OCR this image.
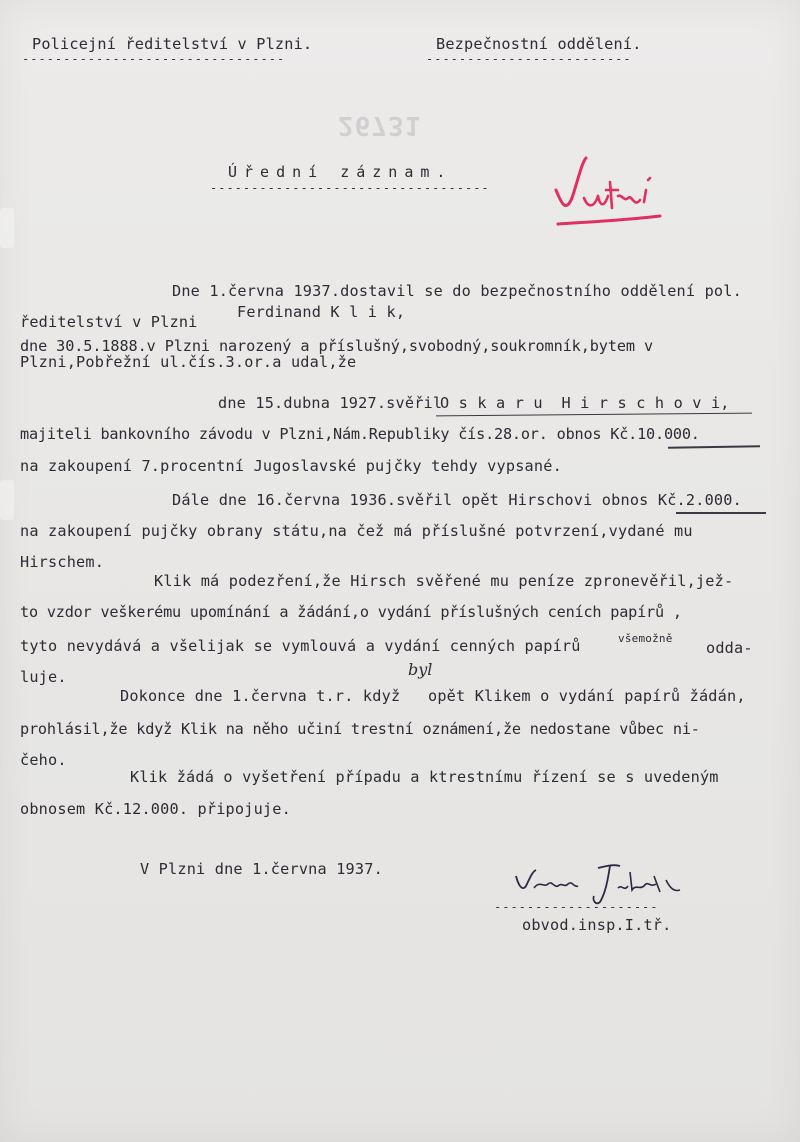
Policejní ředitelství v Plzni.
--------------------------------
Bezpečnostní oddělení.
-------------------------
26731
Úřední záznam.
----------------------------------
Dne 1.června 1937.dostavil se do bezpečnostního oddělení pol.
ředitelství v Plzni
Ferdinand K l i k,
dne 30.5.1888.v Plzni narozený a příslušný,svobodný,soukromník,bytem v
Plzni,Pobřežní ul.čís.3.or.a udal,že
dne 15.dubna 1927.svěřil
O s k a r u  H i r s c h o v i,
majiteli bankovního závodu v Plzni,Nám.Republiky čís.28.or. obnos Kč.10.000.
na zakoupení 7.procentní Jugoslavské pujčky tehdy vypsané.
Dále dne 16.června 1936.svěřil opět Hirschovi obnos Kč.2.000.
na zakoupení pujčky obrany státu,na čež má příslušné potvrzení,vydané mu
Hirschem.
Klik má podezření,že Hirsch svěřené mu peníze zpronevěřil,jež-
to vzdor veškerému upomínání a žádání,o vydání příslušných ceních papírů ,
tyto nevydává a všelijak se vymlouvá a vydání cenných papírů	všemožně
odda-
luje.
Dokonce dne 1.června t.r. když
byl
opět Klikem o vydání papírů žádán,
prohlásil,že když Klik na něho učiní trestní oznámení,že nedostane vůbec ni-
čeho.
Klik žádá o vyšetření případu a ktrestnímu řízení se s uvedeným
obnosem Kč.12.000. připojuje.
V Plzni dne 1.června 1937.
--------------------
obvod.insp.I.tř.
